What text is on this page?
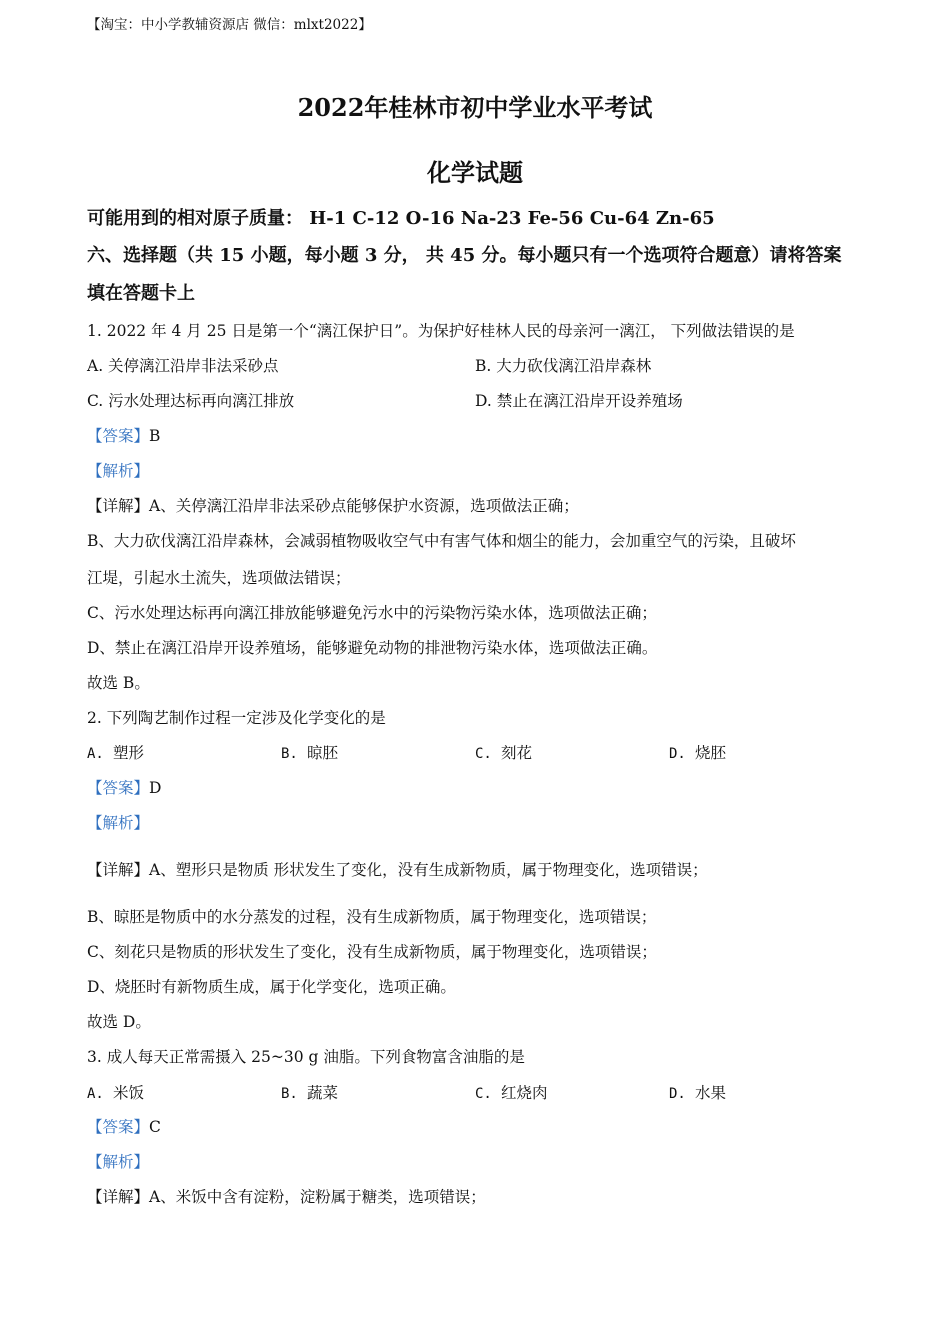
【淘宝：中小学教辅资源店 微信：mlxt2022】
2022年桂林市初中学业水平考试
化学试题
可能用到的相对原子质量： H-1 C-12 O-16 Na-23 Fe-56 Cu-64 Zn-65
六、选择题（共 15 小题，每小题 3 分， 共 45 分。每小题只有一个选项符合题意）请将答案
填在答题卡上
1. 2022 年 4 月 25 日是第一个“漓江保护日”。为保护好桂林人民的母亲河一漓江， 下列做法错误的是
A. 关停漓江沿岸非法采砂点	B. 大力砍伐漓江沿岸森林
C. 污水处理达标再向漓江排放	D. 禁止在漓江沿岸开设养殖场
【答案】B
【解析】
【详解】A、关停漓江沿岸非法采砂点能够保护水资源，选项做法正确；
B、大力砍伐漓江沿岸森林，会减弱植物吸收空气中有害气体和烟尘的能力，会加重空气的污染，且破坏
江堤，引起水土流失，选项做法错误；
C、污水处理达标再向漓江排放能够避免污水中的污染物污染水体，选项做法正确；
D、禁止在漓江沿岸开设养殖场，能够避免动物的排泄物污染水体，选项做法正确。
故选 B。
2. 下列陶艺制作过程一定涉及化学变化的是
A. 塑形	B. 晾胚	C. 刻花	D. 烧胚
【答案】D
【解析】
【详解】A、塑形只是物质 形状发生了变化，没有生成新物质，属于物理变化，选项错误；
B、晾胚是物质中的水分蒸发的过程，没有生成新物质，属于物理变化，选项错误；
C、刻花只是物质的形状发生了变化，没有生成新物质，属于物理变化，选项错误；
D、烧胚时有新物质生成，属于化学变化，选项正确。
故选 D。
3. 成人每天正常需摄入 25~30 g 油脂。下列食物富含油脂的是
A. 米饭	B. 蔬菜	C. 红烧肉	D. 水果
【答案】C
【解析】
【详解】A、米饭中含有淀粉，淀粉属于糖类，选项错误；
